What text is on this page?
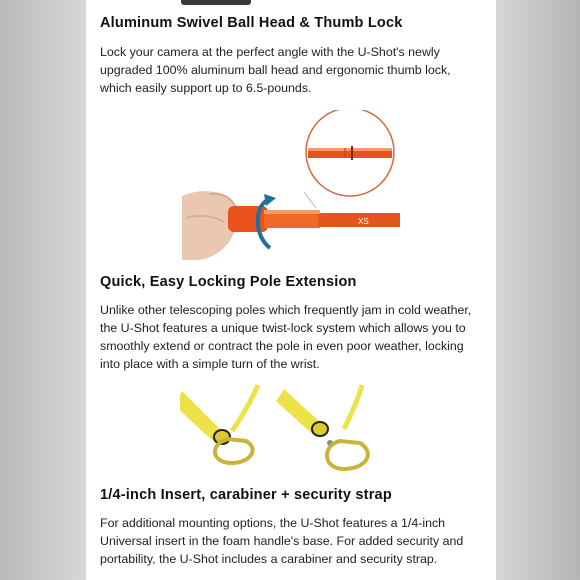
Aluminum Swivel Ball Head & Thumb Lock

Lock your camera at the perfect angle with the U-Shot's newly upgraded 100% aluminum ball head and ergonomic thumb lock, which easily support up to 6.5-pounds.

XS
Quick, Easy Locking Pole Extension

Unlike other telescoping poles which frequently jam in cold weather, the U-Shot features a unique twist-lock system which allows you to smoothly extend or contract the pole in even poor weather, locking into place with a simple turn of the wrist.

1/4-inch Insert, carabiner + security strap

For additional mounting options, the U-Shot features a 1/4-inch Universal insert in the foam handle's base. For added security and portability, the U-Shot includes a carabiner and security strap.
